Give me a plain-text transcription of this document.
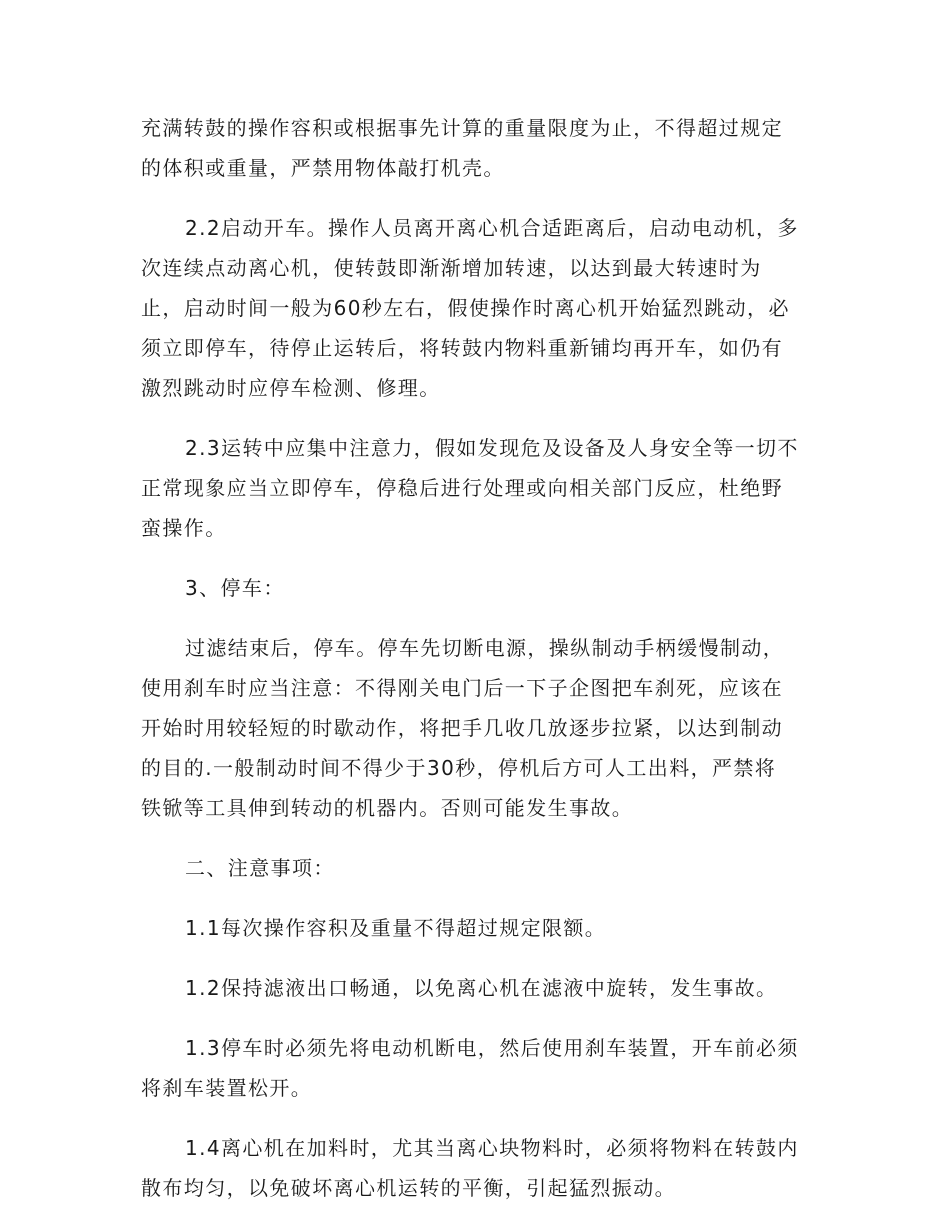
充满转鼓的操作容积或根据事先计算的重量限度为止，不得超过规定
的体积或重量，严禁用物体敲打机壳。

2.2启动开车。操作人员离开离心机合适距离后，启动电动机，多
次连续点动离心机，使转鼓即渐渐增加转速，以达到最大转速时为
止，启动时间一般为60秒左右，假使操作时离心机开始猛烈跳动，必
须立即停车，待停止运转后，将转鼓内物料重新铺均再开车，如仍有
激烈跳动时应停车检测、修理。

2.3运转中应集中注意力，假如发现危及设备及人身安全等一切不
正常现象应当立即停车，停稳后进行处理或向相关部门反应，杜绝野
蛮操作。

3、停车：

过滤结束后，停车。停车先切断电源，操纵制动手柄缓慢制动，
使用刹车时应当注意：不得刚关电门后一下子企图把车刹死，应该在
开始时用较轻短的时歇动作，将把手几收几放逐步拉紧，以达到制动
的目的.一般制动时间不得少于30秒，停机后方可人工出料，严禁将
铁锨等工具伸到转动的机器内。否则可能发生事故。

二、注意事项：

1.1每次操作容积及重量不得超过规定限额。

1.2保持滤液出口畅通，以免离心机在滤液中旋转，发生事故。

1.3停车时必须先将电动机断电，然后使用刹车装置，开车前必须
将刹车装置松开。

1.4离心机在加料时，尤其当离心块物料时，必须将物料在转鼓内
散布均匀，以免破坏离心机运转的平衡，引起猛烈振动。
